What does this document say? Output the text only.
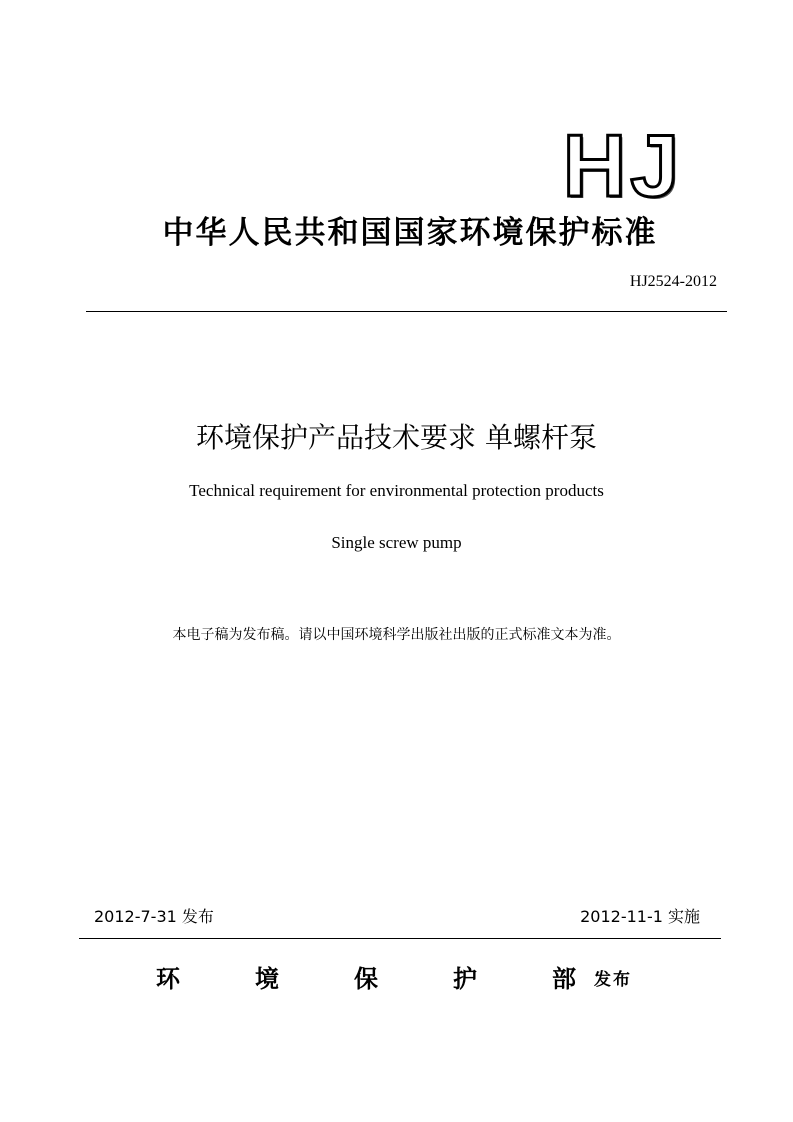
HJ
中华人民共和国国家环境保护标准
HJ2524-2012
环境保护产品技术要求 单螺杆泵
Technical requirement for environmental protection products
Single screw pump
本电子稿为发布稿。请以中国环境科学出版社出版的正式标准文本为准。
2012-7-31 发布	2012-11-1 实施
环	境	保	护	部 发布
